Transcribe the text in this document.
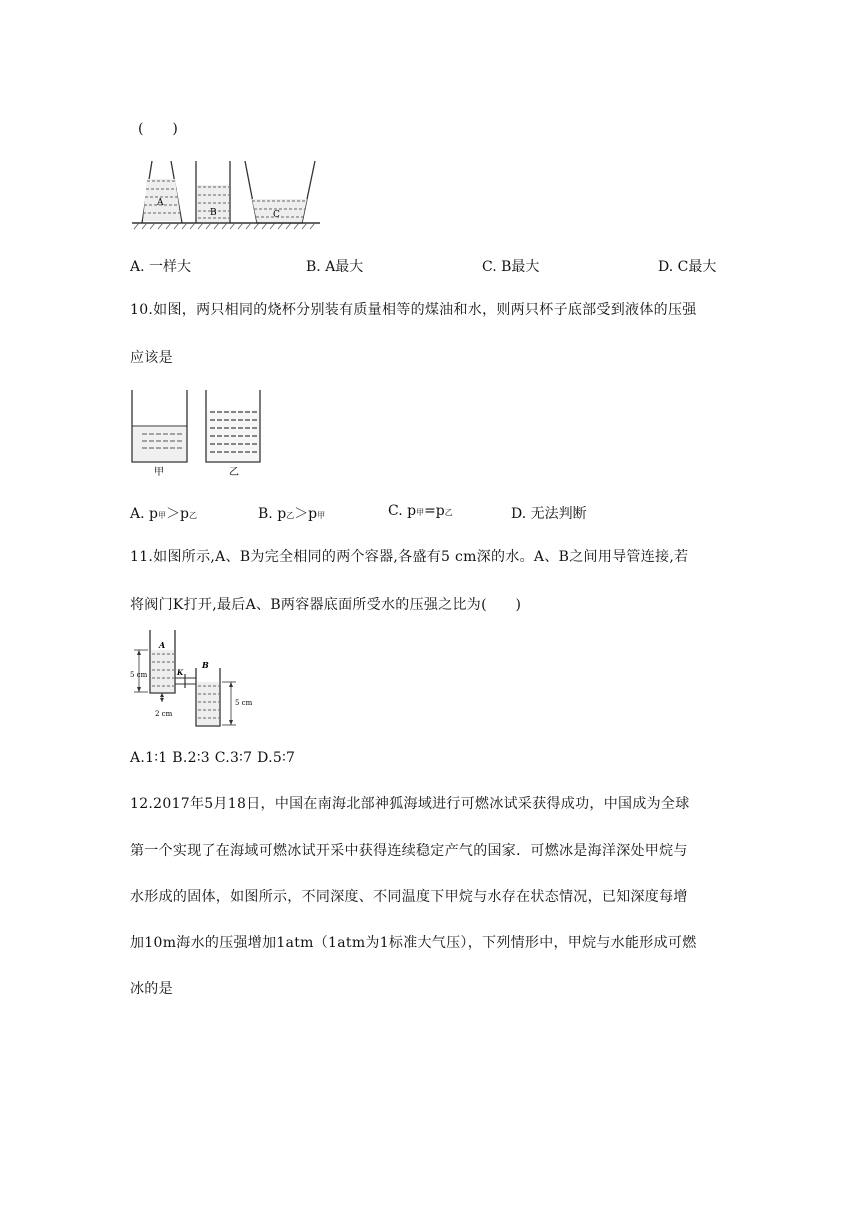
(　　)
A
B	C
A. 一样大	B. A最大	C. B最大	D. C最大
10.如图，两只相同的烧杯分别装有质量相等的煤油和水，则两只杯子底部受到液体的压强
应该是
甲	乙
A. p甲＞p乙	B. p乙＞p甲	C. p甲=p乙	D. 无法判断
11.如图所示,A、B为完全相同的两个容器,各盛有5 cm深的水。A、B之间用导管连接,若
将阀门K打开,最后A、B两容器底面所受水的压强之比为(　　)
A
K
B
5 cm
5 cm
2 cm
A.1∶1 B.2∶3 C.3∶7 D.5∶7
12.2017年5月18日，中国在南海北部神狐海域进行可燃冰试采获得成功，中国成为全球
第一个实现了在海域可燃冰试开采中获得连续稳定产气的国家．可燃冰是海洋深处甲烷与
水形成的固体，如图所示，不同深度、不同温度下甲烷与水存在状态情况，已知深度每增
加10m海水的压强增加1atm（1atm为1标准大气压），下列情形中，甲烷与水能形成可燃
冰的是
